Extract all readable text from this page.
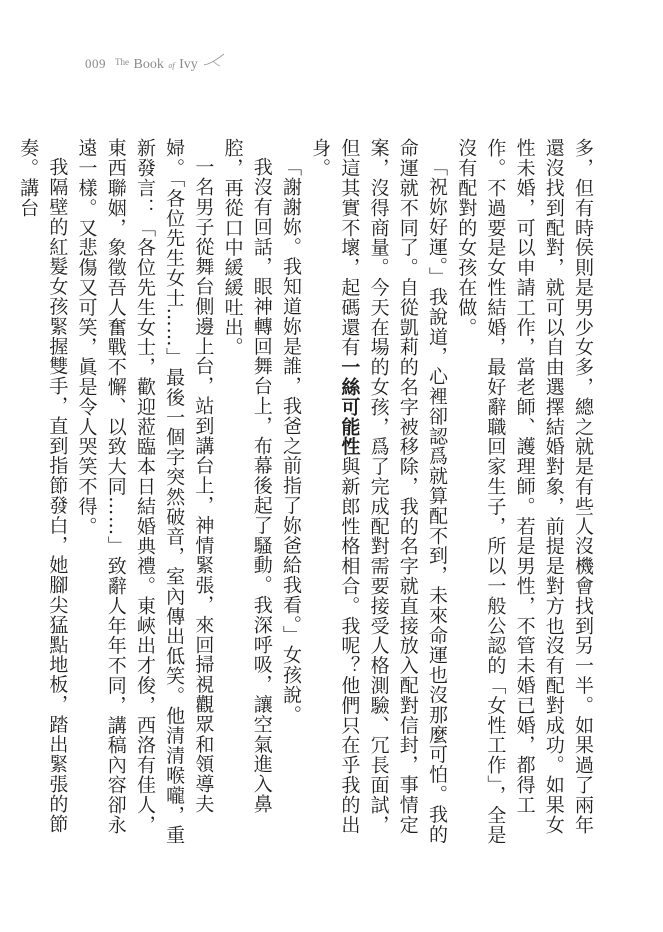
009 $^{The}$ Book of Ivy

多，但有時侯則是男少女多，總之就是有些人沒機會找到另一半。如果過了兩年還沒找到配對，就可以自由選擇結婚對象，前提是對方也沒有配對成功。如果女性未婚，可以申請工作，當老師、護理師。若是男性，不管未婚已婚，都得工作。不過要是女性結婚，最好辭職回家生子，所以一般公認的「女性工作」，全是沒有配對的女孩在做。

「祝妳好運。」我說道，心裡卻認爲就算配不到，未來命運也沒那麼可怕。我的命運就不同了。自從凱莉的名字被移除，我的名字就直接放入配對信封，事情定案，沒得商量。今天在場的女孩，爲了完成配對需要接受人格測驗、冗長面試，但這其實不壞，起碼還有一絲可能性與新郎性格相合。我呢？他們只在乎我的出身。

「謝謝妳。我知道妳是誰，我爸之前指了妳爸給我看。」女孩說。

我沒有回話，眼神轉回舞台上，布幕後起了騷動。我深呼吸，讓空氣進入鼻腔，再從口中緩緩吐出。

一名男子從舞台側邊上台，站到講台上，神情緊張，來回掃視觀眾和領導夫婦。「各位先生女士……」最後一個字突然破音，室內傳出低笑。他清清喉嚨，重新發言：「各位先生女士，歡迎蒞臨本日結婚典禮。東峽出才俊，西洛有佳人，東西聯姻，象徵吾人奮戰不懈、以致大同……」致辭人年年不同，講稿內容卻永遠一樣。又悲傷又可笑，眞是令人哭笑不得。

我隔壁的紅髮女孩緊握雙手，直到指節發白，她腳尖猛點地板，踏出緊張的節奏。講台
